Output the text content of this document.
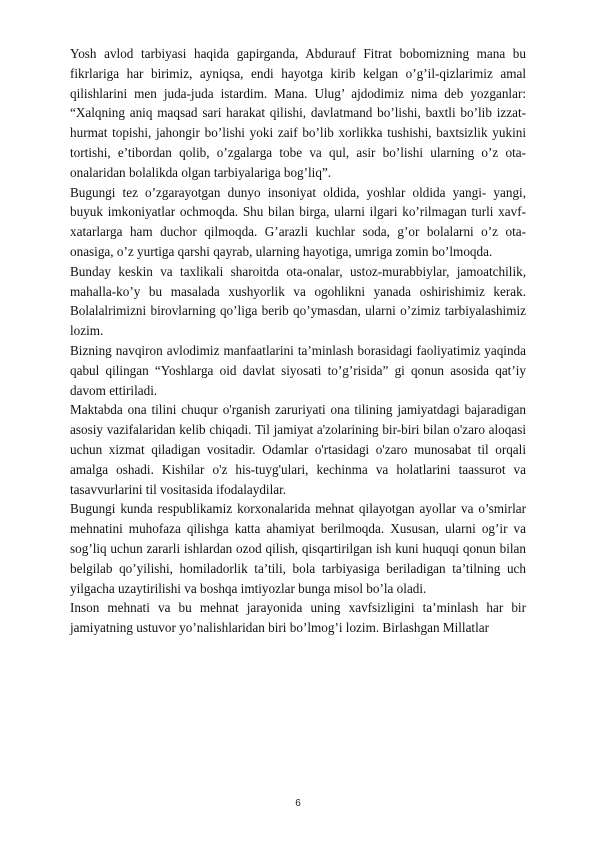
Yosh avlod tarbiyasi haqida gapirganda, Abdurauf Fitrat bobomizning mana bu fikrlariga har birimiz, ayniqsa, endi hayotga kirib kelgan o’g’il-qizlarimiz amal qilishlarini men juda-juda istardim. Mana. Ulug’ ajdodimiz nima deb yozganlar: “Xalqning aniq maqsad sari harakat qilishi, davlatmand bo’lishi, baxtli bo’lib izzat-hurmat topishi, jahongir bo’lishi yoki zaif bo’lib xorlikka tushishi, baxtsizlik yukini tortishi, e’tibordan qolib, o’zgalarga tobe va qul, asir bo’lishi ularning o’z ota-onalaridan bolalikda olgan tarbiyalariga bog’liq”.

Bugungi tez o’zgarayotgan dunyo insoniyat oldida, yoshlar oldida yangi- yangi, buyuk imkoniyatlar ochmoqda. Shu bilan birga, ularni ilgari ko’rilmagan turli xavf-xatarlarga ham duchor qilmoqda. G’arazli kuchlar soda, g’or bolalarni o’z ota-onasiga, o’z yurtiga qarshi qayrab, ularning hayotiga, umriga zomin bo’lmoqda.

Bunday keskin va taxlikali sharoitda ota-onalar, ustoz-murabbiylar, jamoatchilik, mahalla-ko’y bu masalada xushyorlik va ogohlikni yanada oshirishimiz kerak. Bolalalrimizni birovlarning qo’liga berib qo’ymasdan, ularni o’zimiz tarbiyalashimiz lozim.

Bizning navqiron avlodimiz manfaatlarini ta’minlash borasidagi faoliyatimiz yaqinda qabul qilingan “Yoshlarga oid davlat siyosati to’g’risida” gi qonun asosida qat’iy davom ettiriladi.

Maktabda ona tilini chuqur o'rganish zaruriyati ona tilining jamiyatdagi bajaradigan asosiy vazifalaridan kelib chiqadi. Til jamiyat a'zolarining bir-biri bilan o'zaro aloqasi uchun xizmat qiladigan vositadir. Odamlar o'rtasidagi o'zaro munosabat til orqali amalga oshadi. Kishilar o'z his-tuyg'ulari, kechinma va holatlarini taassurot va tasavvurlarini til vositasida ifodalaydilar.

Bugungi kunda respublikamiz korxonalarida mehnat qilayotgan ayollar va o’smirlar mehnatini muhofaza qilishga katta ahamiyat berilmoqda. Xususan, ularni og’ir va sog’liq uchun zararli ishlardan ozod qilish, qisqartirilgan ish kuni huquqi qonun bilan belgilab qo’yilishi, homiladorlik ta’tili, bola tarbiyasiga beriladigan ta’tilning uch yilgacha uzaytirilishi va boshqa imtiyozlar bunga misol bo’la oladi.

Inson mehnati va bu mehnat jarayonida uning xavfsizligini ta’minlash har bir jamiyatning ustuvor yo’nalishlaridan biri bo’lmog’i lozim. Birlashgan Millatlar

6
